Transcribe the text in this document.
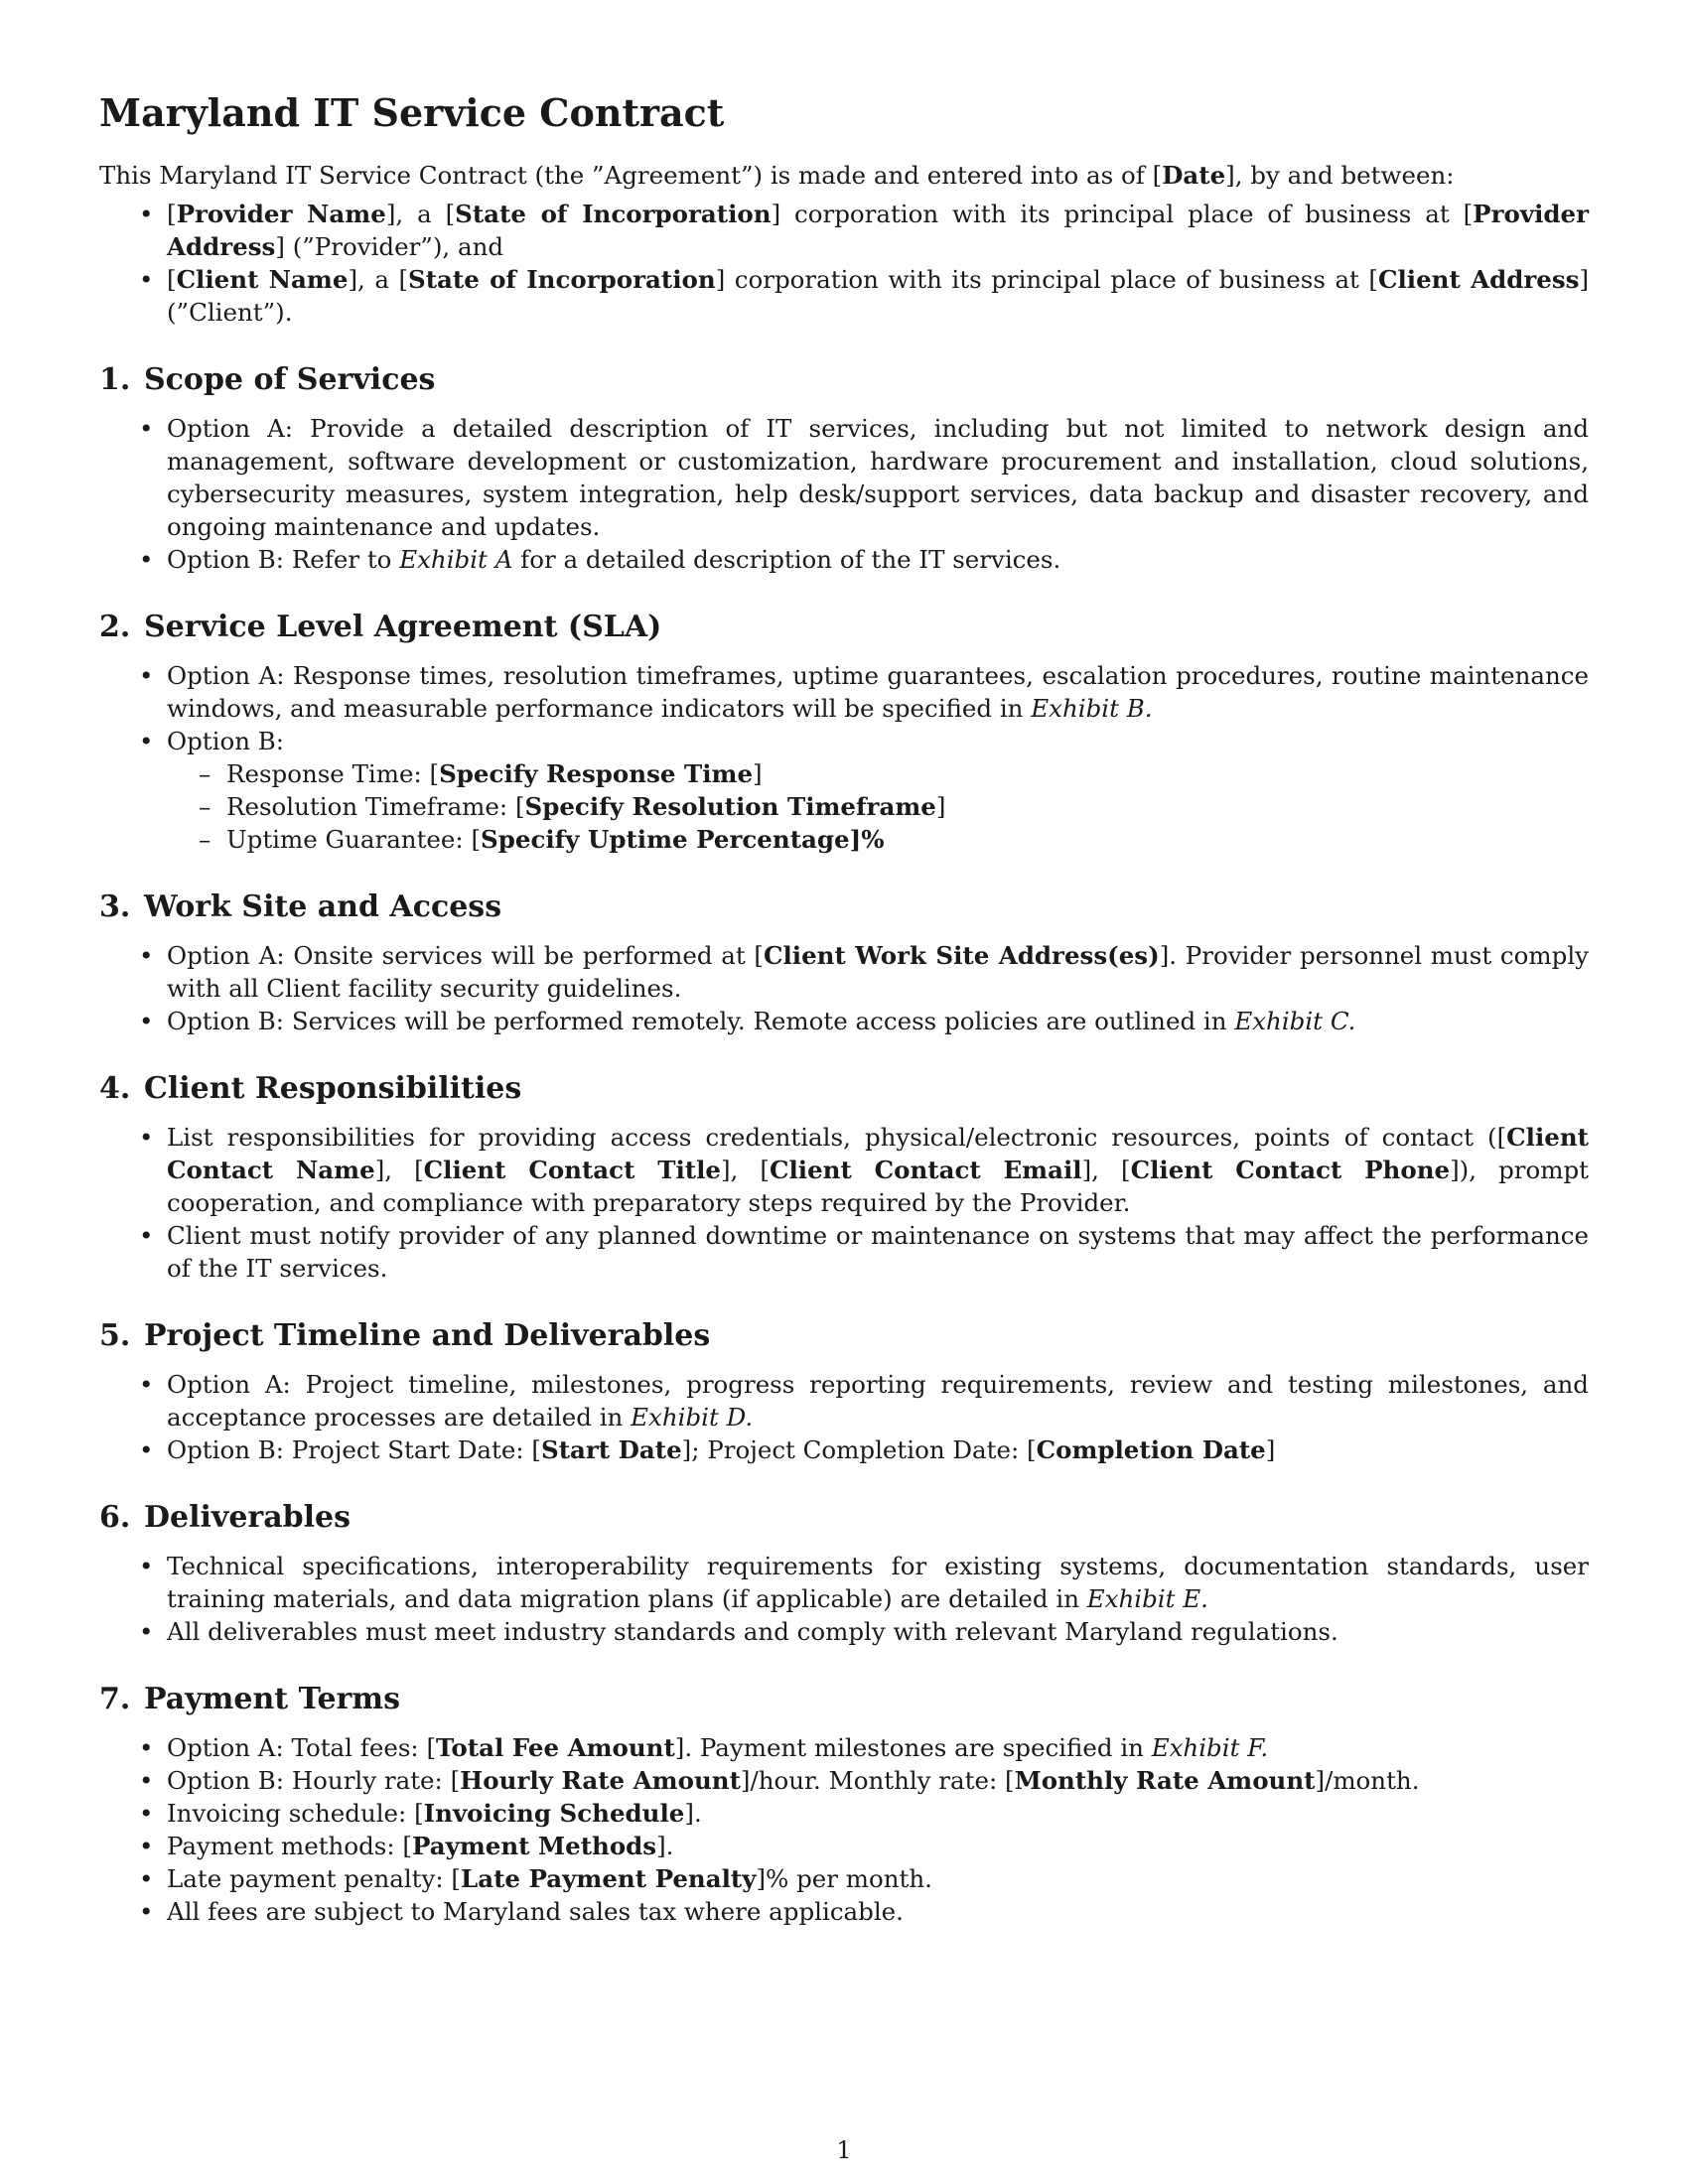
Maryland IT Service Contract

This Maryland IT Service Contract (the ”Agreement”) is made and entered into as of [Date], by and between:

• [Provider Name], a [State of Incorporation] corporation with its principal place of business at [Provider Address] (”Provider”), and
• [Client Name], a [State of Incorporation] corporation with its principal place of business at [Client Address] (”Client”).
1. Scope of Services
• Option A: Provide a detailed description of IT services, including but not limited to network design and management, software development or customization, hardware procurement and installation, cloud solutions, cybersecurity measures, system integration, help desk/support services, data backup and disaster recovery, and ongoing maintenance and updates.
• Option B: Refer to Exhibit A for a detailed description of the IT services.
2. Service Level Agreement (SLA)
• Option A: Response times, resolution timeframes, uptime guarantees, escalation procedures, routine maintenance windows, and measurable performance indicators will be specified in Exhibit B.
• Option B:
– Response Time: [Specify Response Time]
– Resolution Timeframe: [Specify Resolution Timeframe]
– Uptime Guarantee: [Specify Uptime Percentage]%
3. Work Site and Access
• Option A: Onsite services will be performed at [Client Work Site Address(es)]. Provider personnel must comply with all Client facility security guidelines.
• Option B: Services will be performed remotely. Remote access policies are outlined in Exhibit C.
4. Client Responsibilities
• List responsibilities for providing access credentials, physical/electronic resources, points of contact ([Client Contact Name], [Client Contact Title], [Client Contact Email], [Client Contact Phone]), prompt cooperation, and compliance with preparatory steps required by the Provider.
• Client must notify provider of any planned downtime or maintenance on systems that may affect the performance of the IT services.
5. Project Timeline and Deliverables
• Option A: Project timeline, milestones, progress reporting requirements, review and testing milestones, and acceptance processes are detailed in Exhibit D.
• Option B: Project Start Date: [Start Date]; Project Completion Date: [Completion Date]
6. Deliverables
• Technical specifications, interoperability requirements for existing systems, documentation standards, user training materials, and data migration plans (if applicable) are detailed in Exhibit E.
• All deliverables must meet industry standards and comply with relevant Maryland regulations.
7. Payment Terms
• Option A: Total fees: [Total Fee Amount]. Payment milestones are specified in Exhibit F.
• Option B: Hourly rate: [Hourly Rate Amount]/hour. Monthly rate: [Monthly Rate Amount]/month.
• Invoicing schedule: [Invoicing Schedule].
• Payment methods: [Payment Methods].
• Late payment penalty: [Late Payment Penalty]% per month.
• All fees are subject to Maryland sales tax where applicable.
1
